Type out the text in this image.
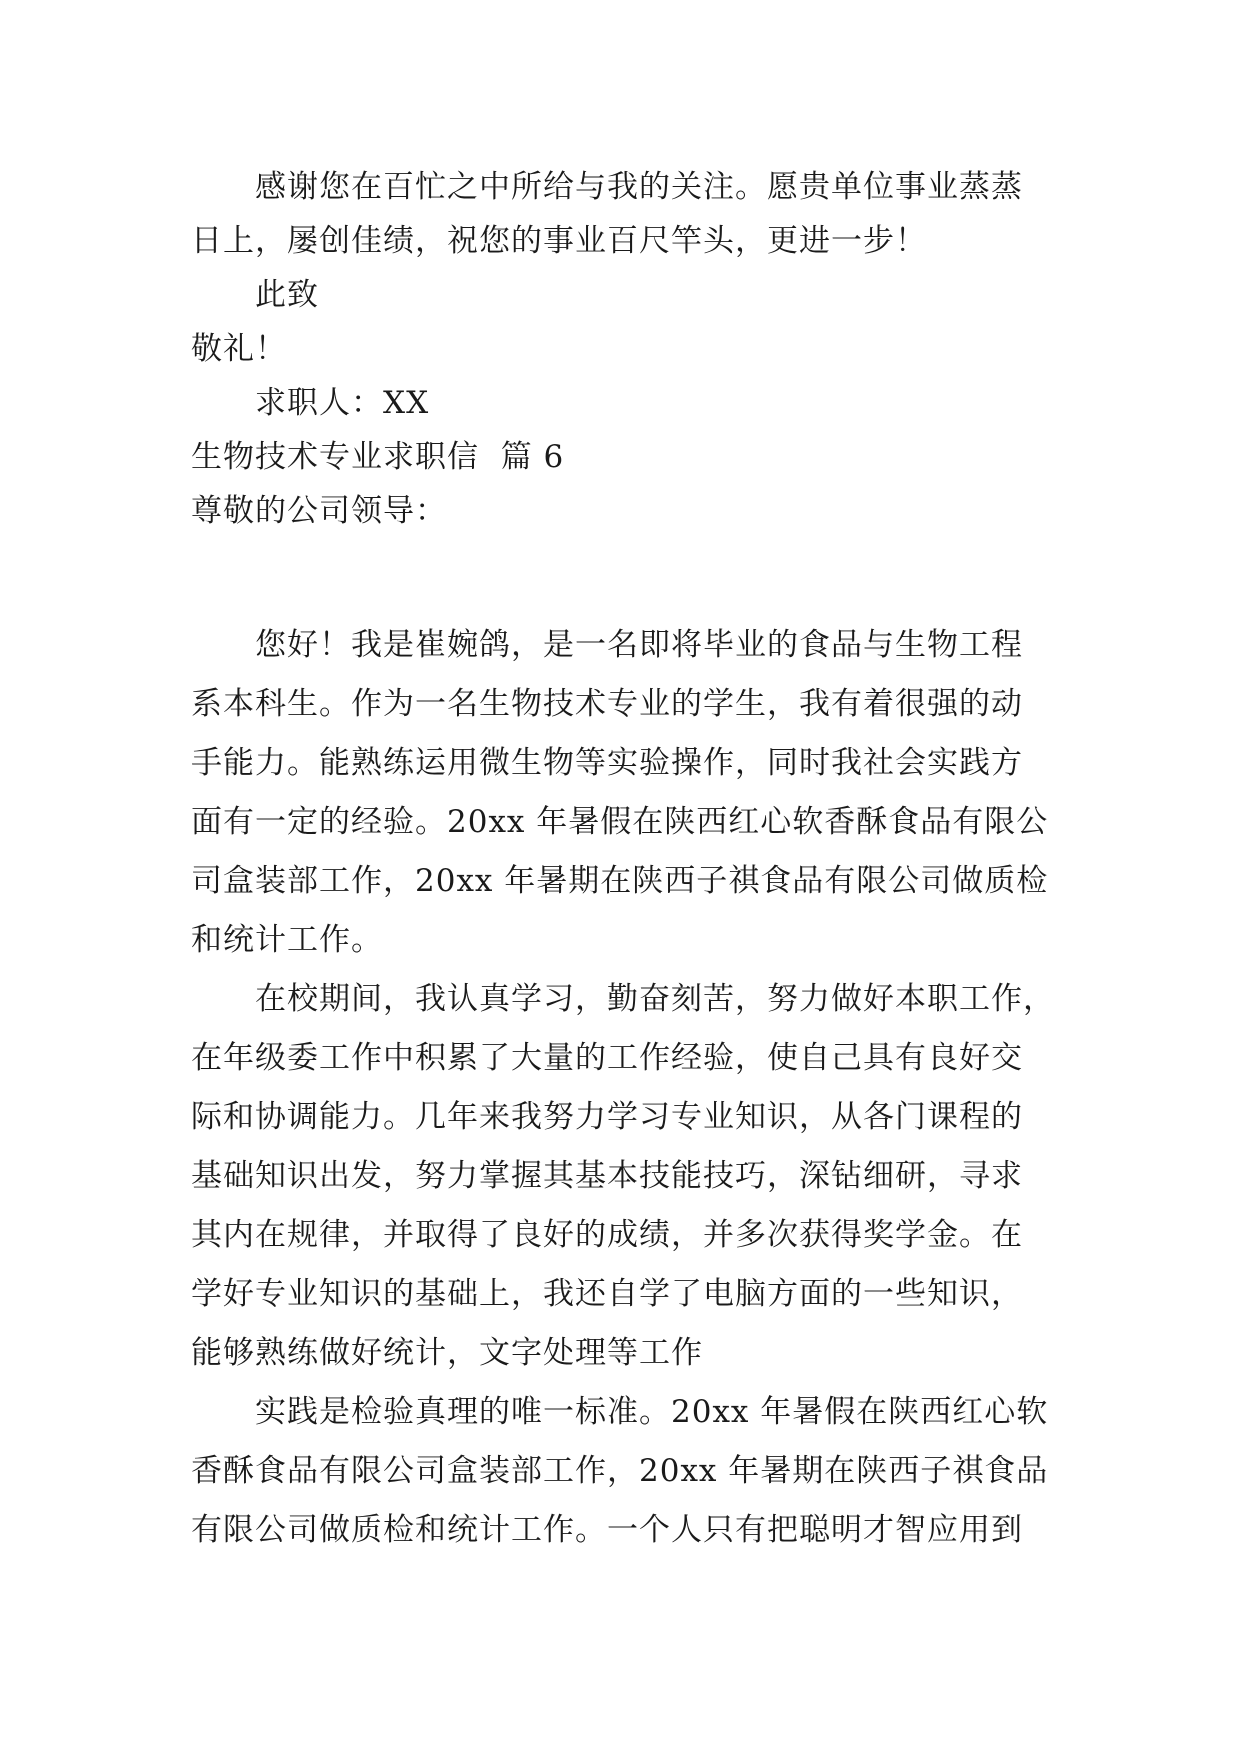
感谢您在百忙之中所给与我的关注。愿贵单位事业蒸蒸
日上，屡创佳绩，祝您的事业百尺竿头，更进一步！
此致
敬礼！
求职人：XX
生物技术专业求职信  篇 6
尊敬的公司领导：
您好！我是崔婉鸽，是一名即将毕业的食品与生物工程
系本科生。作为一名生物技术专业的学生，我有着很强的动
手能力。能熟练运用微生物等实验操作，同时我社会实践方
面有一定的经验。20xx 年暑假在陕西红心软香酥食品有限公
司盒装部工作，20xx 年暑期在陕西子祺食品有限公司做质检
和统计工作。
在校期间，我认真学习，勤奋刻苦，努力做好本职工作，
在年级委工作中积累了大量的工作经验，使自己具有良好交
际和协调能力。几年来我努力学习专业知识，从各门课程的
基础知识出发，努力掌握其基本技能技巧，深钻细研，寻求
其内在规律，并取得了良好的成绩，并多次获得奖学金。在
学好专业知识的基础上，我还自学了电脑方面的一些知识，
能够熟练做好统计，文字处理等工作
实践是检验真理的唯一标准。20xx 年暑假在陕西红心软
香酥食品有限公司盒装部工作，20xx 年暑期在陕西子祺食品
有限公司做质检和统计工作。一个人只有把聪明才智应用到
